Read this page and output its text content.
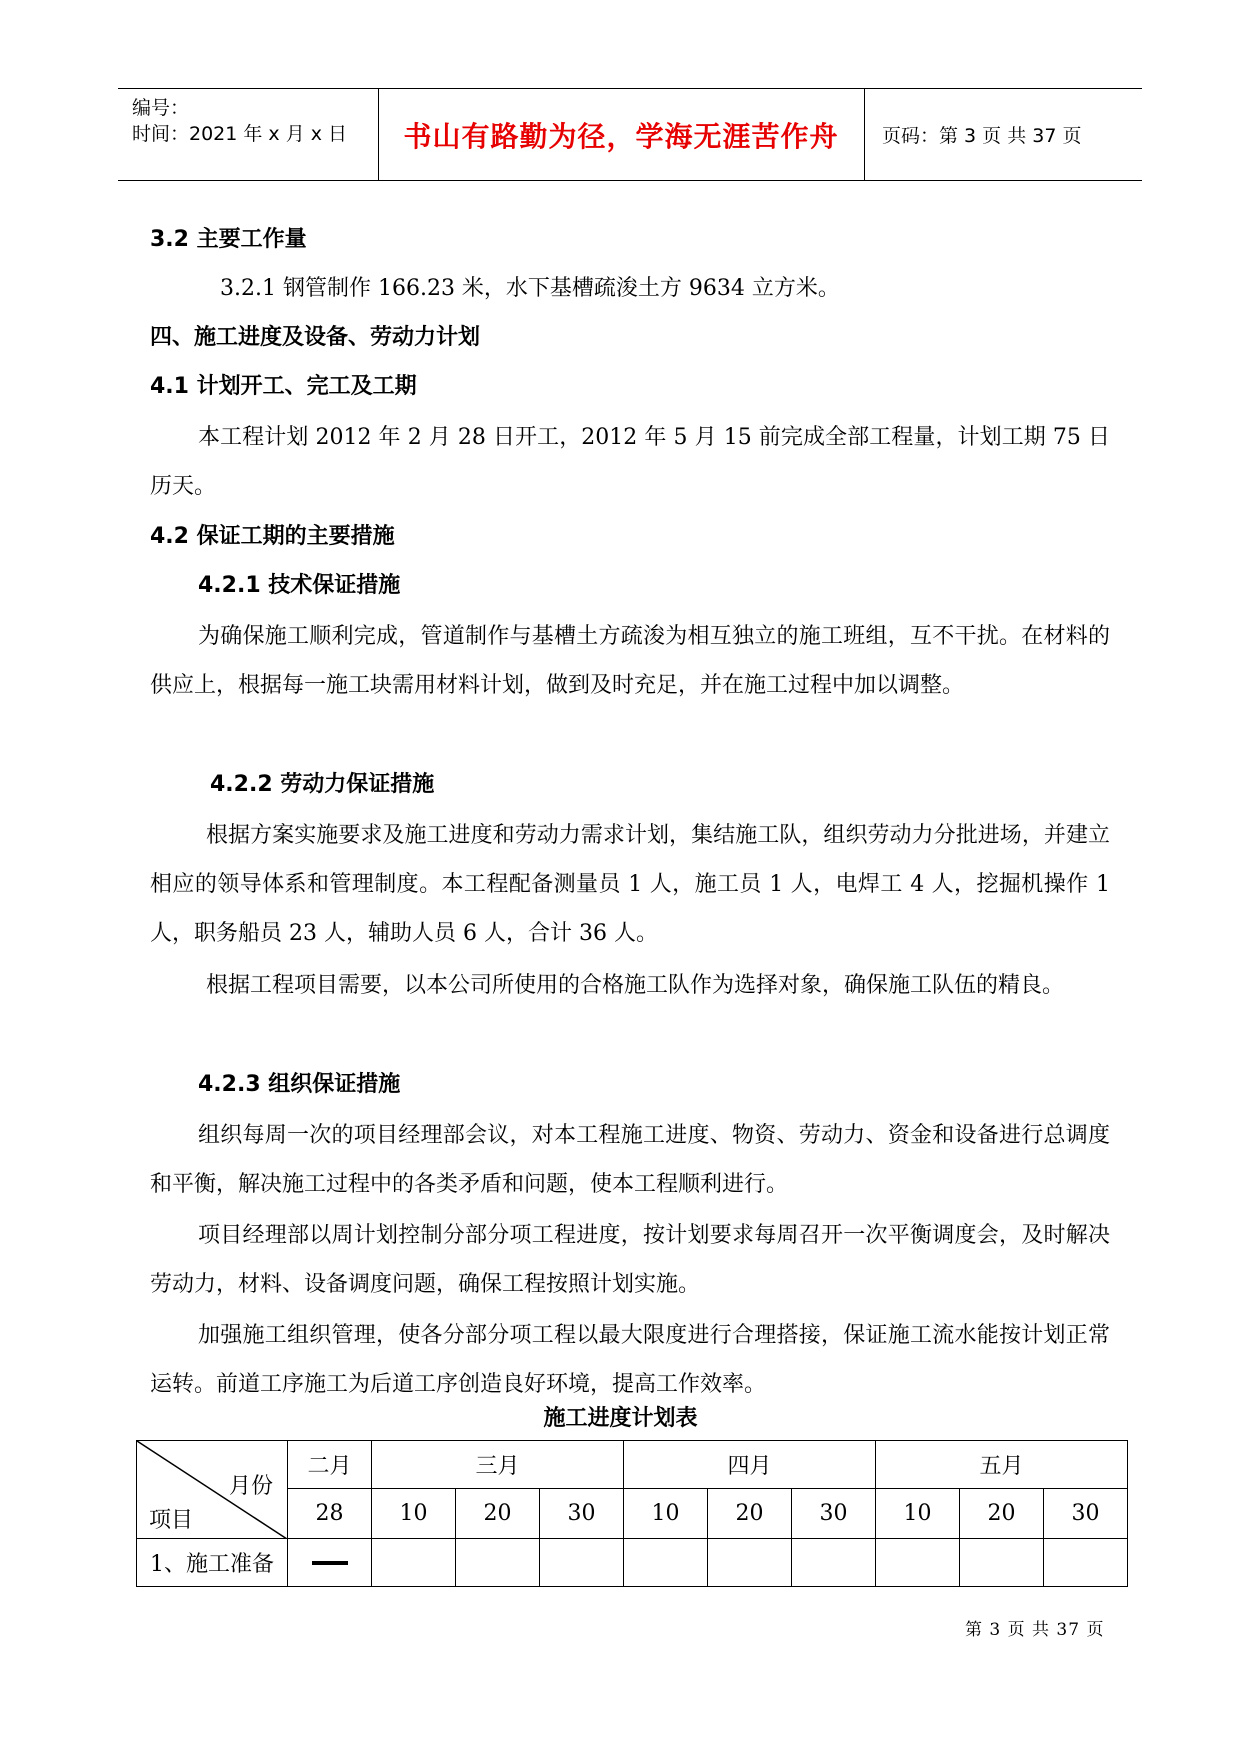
编号：
时间：2021 年 x 月 x 日	书山有路勤为径，学海无涯苦作舟	页码：第 3 页 共 37 页
3.2 主要工作量
3.2.1 钢管制作 166.23 米，水下基槽疏浚土方 9634 立方米。
四、施工进度及设备、劳动力计划
4.1 计划开工、完工及工期
本工程计划 2012 年 2 月 28 日开工，2012 年 5 月 15 前完成全部工程量，计划工期 75 日历天。
4.2 保证工期的主要措施
4.2.1 技术保证措施
为确保施工顺利完成，管道制作与基槽土方疏浚为相互独立的施工班组，互不干扰。在材料的供应上，根据每一施工块需用材料计划，做到及时充足，并在施工过程中加以调整。
4.2.2 劳动力保证措施
根据方案实施要求及施工进度和劳动力需求计划，集结施工队，组织劳动力分批进场，并建立相应的领导体系和管理制度。本工程配备测量员 1 人，施工员 1 人，电焊工 4 人，挖掘机操作 1 人，职务船员 23 人，辅助人员 6 人，合计 36 人。
根据工程项目需要，以本公司所使用的合格施工队作为选择对象，确保施工队伍的精良。
4.2.3 组织保证措施
组织每周一次的项目经理部会议，对本工程施工进度、物资、劳动力、资金和设备进行总调度和平衡，解决施工过程中的各类矛盾和问题，使本工程顺利进行。
项目经理部以周计划控制分部分项工程进度，按计划要求每周召开一次平衡调度会，及时解决劳动力，材料、设备调度问题，确保工程按照计划实施。
加强施工组织管理，使各分部分项工程以最大限度进行合理搭接，保证施工流水能按计划正常运转。前道工序施工为后道工序创造良好环境，提高工作效率。
施工进度计划表
月份
项目	二月	三月			四月			五月		
	28	10	20	30	10	20	30	10	20	30
1、施工准备	

第 3 页 共 37 页
